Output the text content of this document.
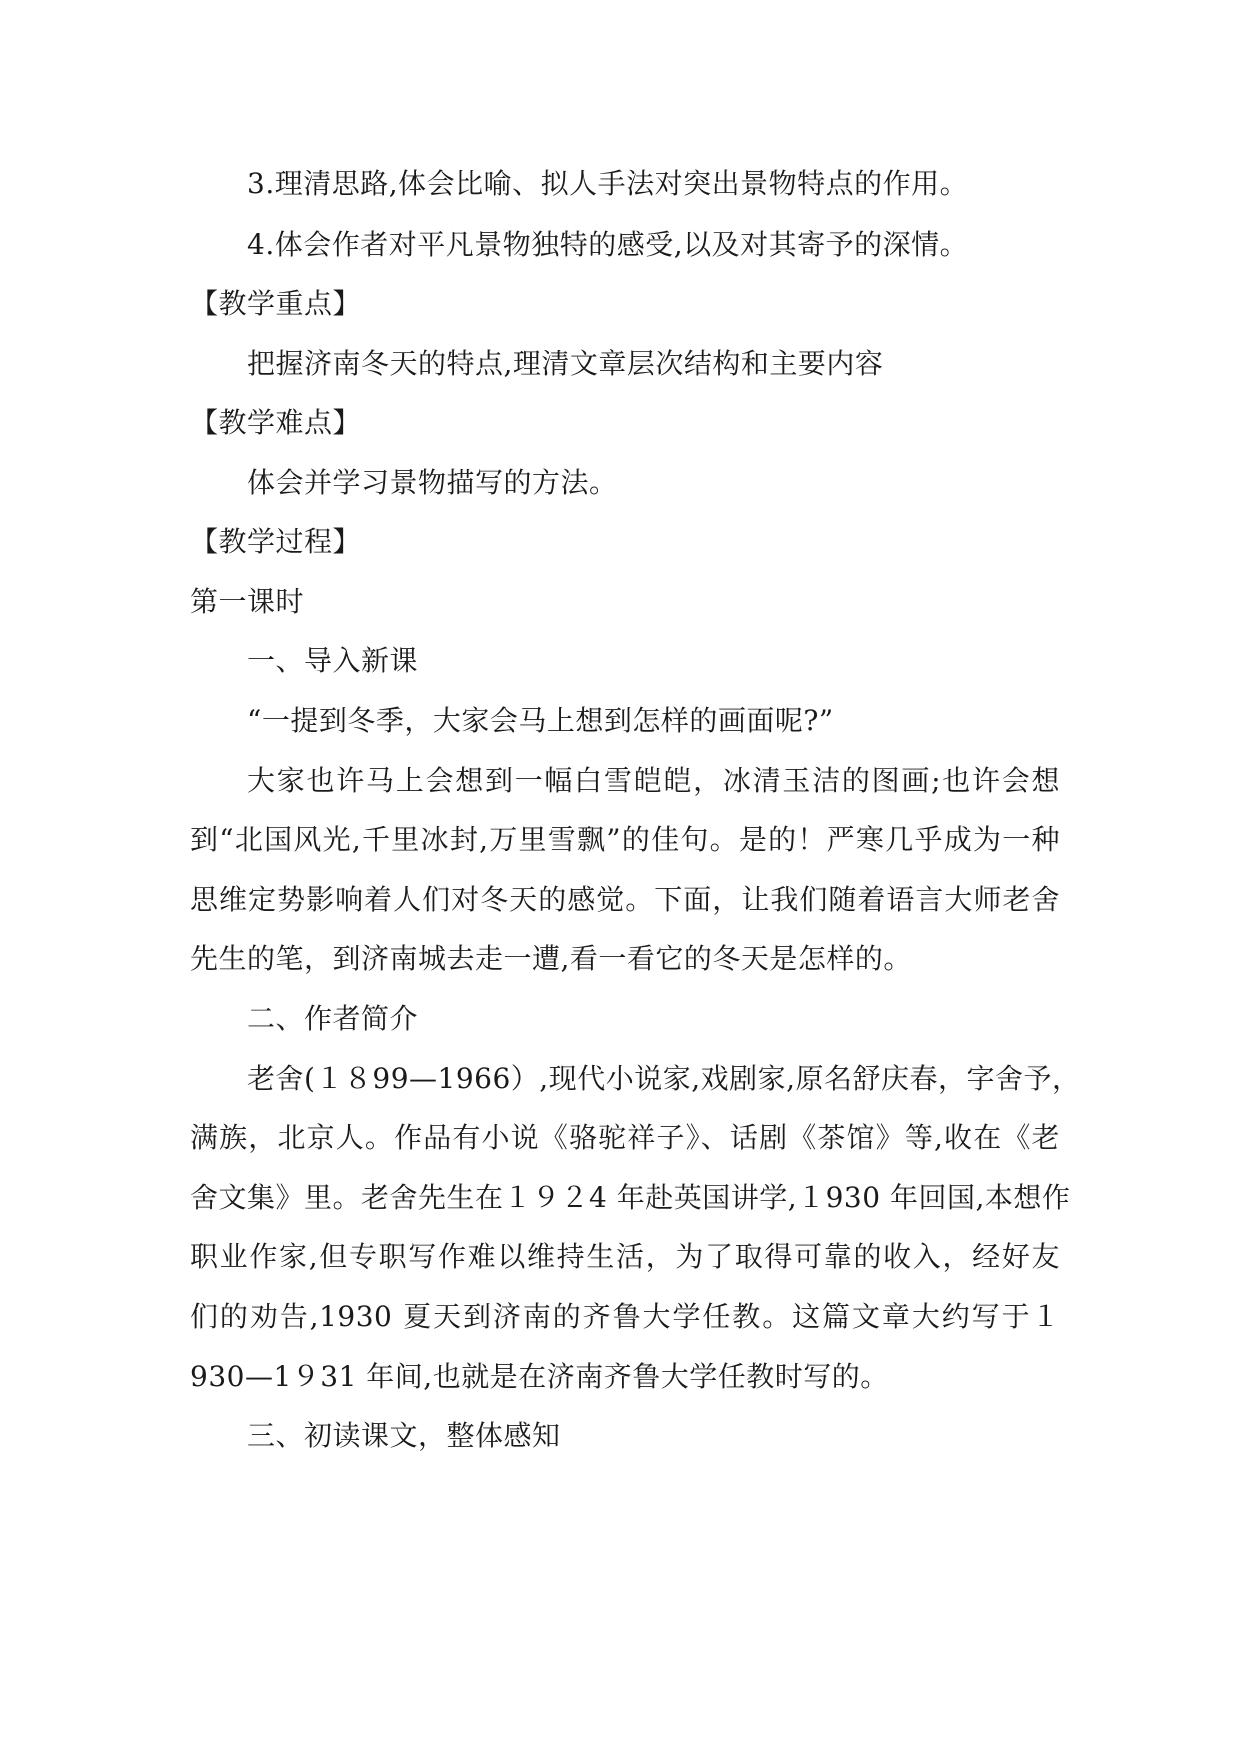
3.理清思路,体会比喻、拟人手法对突出景物特点的作用。
4.体会作者对平凡景物独特的感受,以及对其寄予的深情。
【教学重点】
把握济南冬天的特点,理清文章层次结构和主要内容
【教学难点】
体会并学习景物描写的方法。
【教学过程】
第一课时
一、导入新课
“一提到冬季，大家会马上想到怎样的画面呢?”
大家也许马上会想到一幅白雪皑皑，冰清玉洁的图画;也许会想
到“北国风光,千里冰封,万里雪飘”的佳句。是的！严寒几乎成为一种
思维定势影响着人们对冬天的感觉。下面，让我们随着语言大师老舍
先生的笔，到济南城去走一遭,看一看它的冬天是怎样的。
二、作者简介
老舍(１８99—1966）,现代小说家,戏剧家,原名舒庆春，字舍予，
满族，北京人。作品有小说《骆驼祥子》、话剧《茶馆》等,收在《老
舍文集》里。老舍先生在１９２4 年赴英国讲学,１930 年回国,本想作
职业作家,但专职写作难以维持生活，为了取得可靠的收入，经好友
们的劝告,1930 夏天到济南的齐鲁大学任教。这篇文章大约写于１
930—1９31 年间,也就是在济南齐鲁大学任教时写的。
三、初读课文，整体感知
